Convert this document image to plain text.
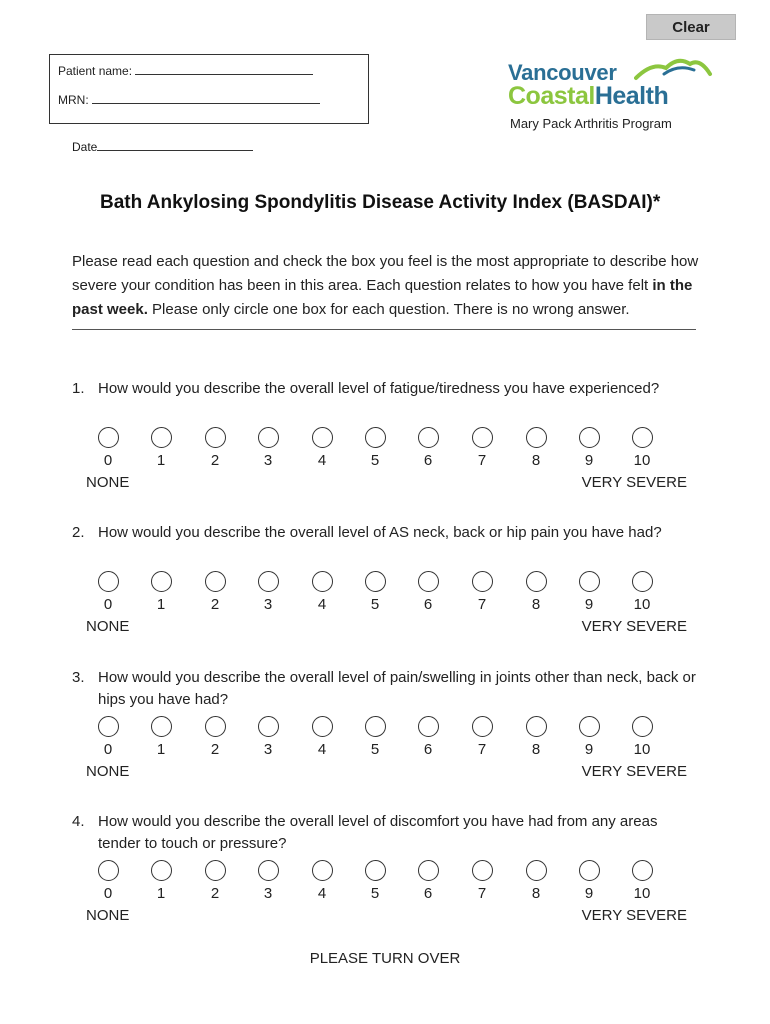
Clear
Patient name:
MRN:
Date
Vancouver
CoastalHealth
Mary Pack Arthritis Program
Bath Ankylosing Spondylitis Disease Activity Index (BASDAI)*
Please read each question and check the box you feel is the most appropriate to describe how severe your condition has been in this area. Each question relates to how you have felt in the past week. Please only circle one box for each question. There is no wrong answer.
1. How would you describe the overall level of fatigue/tiredness you have experienced?
0	1	2	3	4	5	6	7	8	9	10
NONE	VERY SEVERE
2. How would you describe the overall level of AS neck, back or hip pain you have had?
0	1	2	3	4	5	6	7	8	9	10
NONE	VERY SEVERE
3. How would you describe the overall level of pain/swelling in joints other than neck, back or hips you have had?
0	1	2	3	4	5	6	7	8	9	10
NONE	VERY SEVERE
4. How would you describe the overall level of discomfort you have had from any areas tender to touch or pressure?
0	1	2	3	4	5	6	7	8	9	10
NONE	VERY SEVERE
PLEASE TURN OVER
